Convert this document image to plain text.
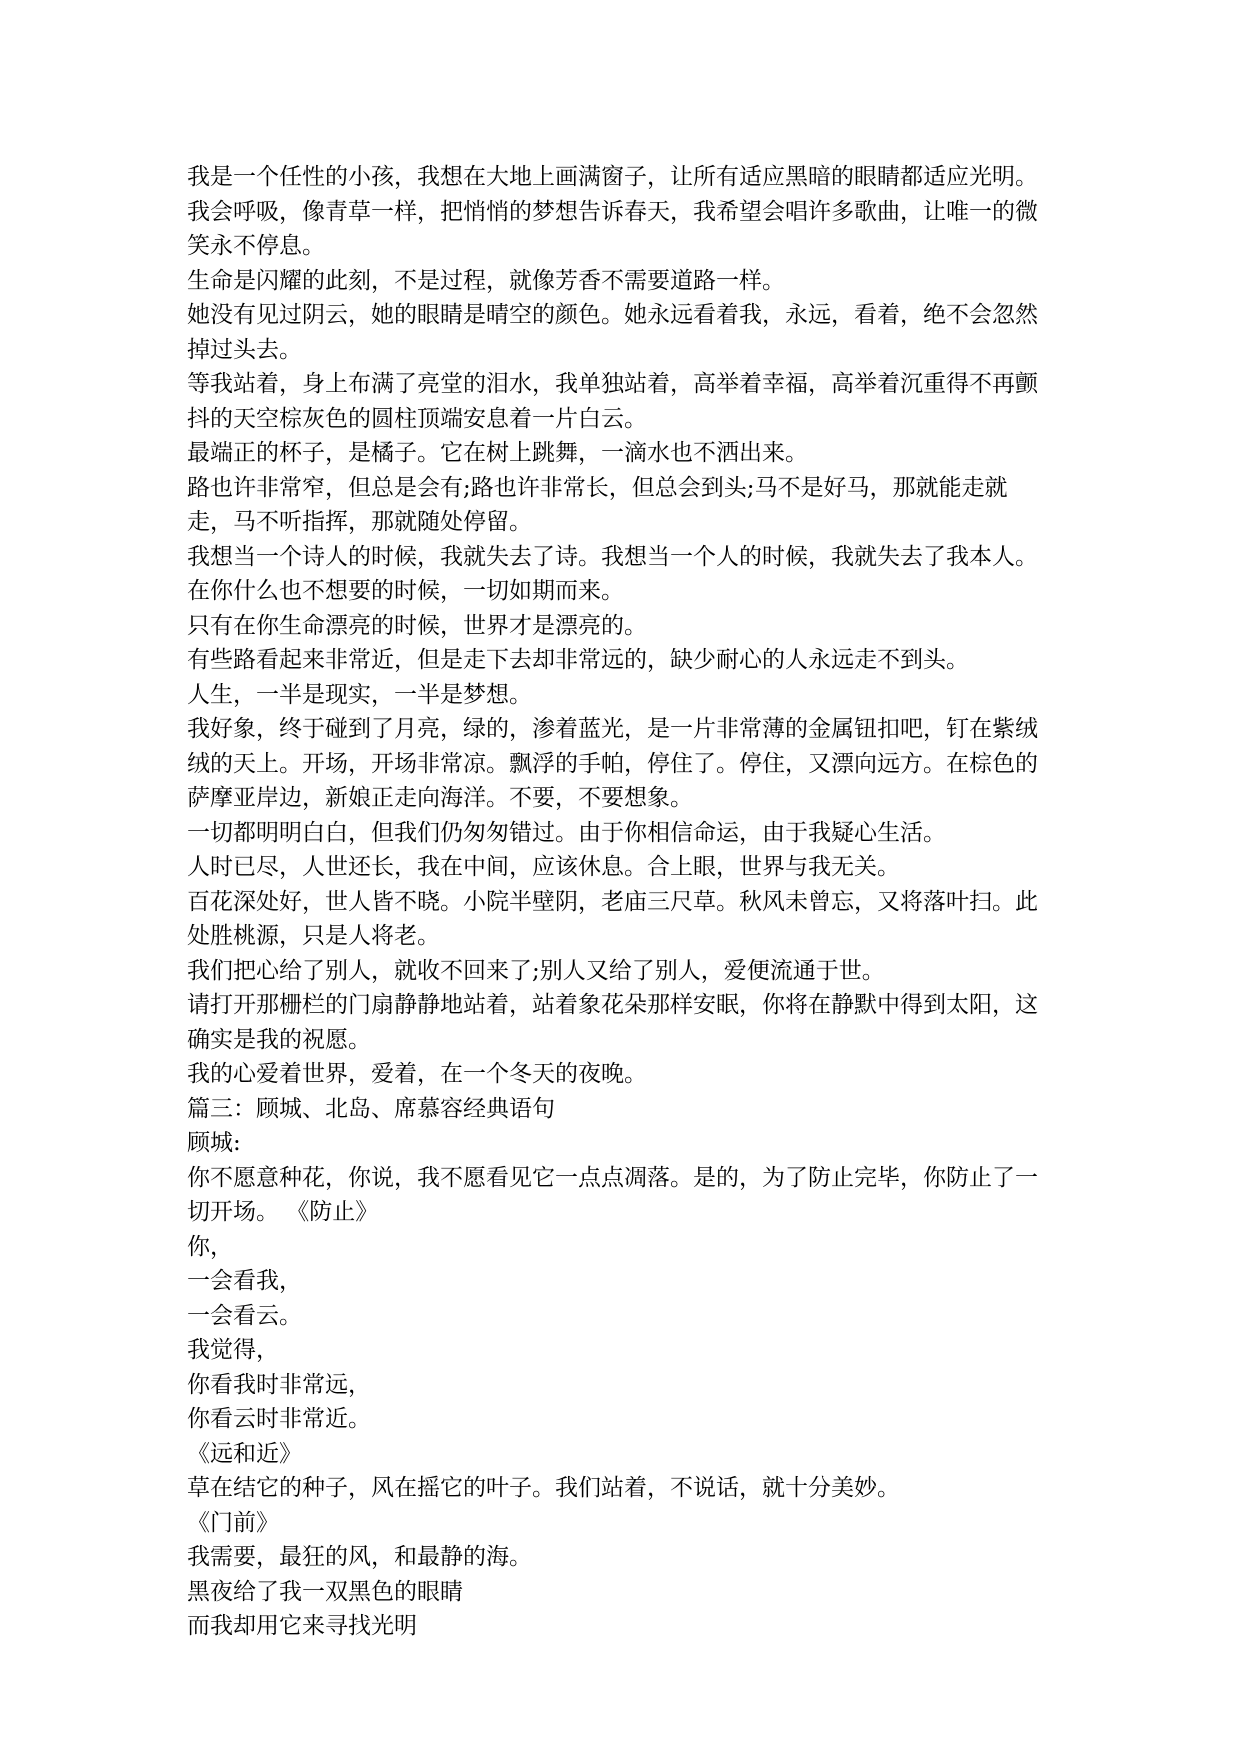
我是一个任性的小孩，我想在大地上画满窗子，让所有适应黑暗的眼睛都适应光明。

我会呼吸，像青草一样，把悄悄的梦想告诉春天，我希望会唱许多歌曲，让唯一的微笑永不停息。

生命是闪耀的此刻，不是过程，就像芳香不需要道路一样。

她没有见过阴云，她的眼睛是晴空的颜色。她永远看着我，永远，看着，绝不会忽然掉过头去。

等我站着，身上布满了亮堂的泪水，我单独站着，高举着幸福，高举着沉重得不再颤抖的天空棕灰色的圆柱顶端安息着一片白云。

最端正的杯子，是橘子。它在树上跳舞，一滴水也不洒出来。

路也许非常窄，但总是会有;路也许非常长，但总会到头;马不是好马，那就能走就走，马不听指挥，那就随处停留。

我想当一个诗人的时候，我就失去了诗。我想当一个人的时候，我就失去了我本人。在你什么也不想要的时候，一切如期而来。

只有在你生命漂亮的时候，世界才是漂亮的。

有些路看起来非常近，但是走下去却非常远的，缺少耐心的人永远走不到头。

人生，一半是现实，一半是梦想。

我好象，终于碰到了月亮，绿的，渗着蓝光，是一片非常薄的金属钮扣吧，钉在紫绒绒的天上。开场，开场非常凉。飘浮的手帕，停住了。停住，又漂向远方。在棕色的萨摩亚岸边，新娘正走向海洋。不要，不要想象。

一切都明明白白，但我们仍匆匆错过。由于你相信命运，由于我疑心生活。

人时已尽，人世还长，我在中间，应该休息。合上眼，世界与我无关。

百花深处好，世人皆不晓。小院半壁阴，老庙三尺草。秋风未曾忘，又将落叶扫。此处胜桃源，只是人将老。

我们把心给了别人，就收不回来了;别人又给了别人，爱便流通于世。

请打开那栅栏的门扇静静地站着，站着象花朵那样安眠，你将在静默中得到太阳，这确实是我的祝愿。

我的心爱着世界，爱着，在一个冬天的夜晚。

篇三：顾城、北岛、席慕容经典语句

顾城:

你不愿意种花，你说，我不愿看见它一点点凋落。是的，为了防止完毕，你防止了一切开场。 《防止》

你，

一会看我，

一会看云。

我觉得，

你看我时非常远，

你看云时非常近。

《远和近》

草在结它的种子，风在摇它的叶子。我们站着，不说话，就十分美妙。

《门前》

我需要，最狂的风，和最静的海。

黑夜给了我一双黑色的眼睛

而我却用它来寻找光明
